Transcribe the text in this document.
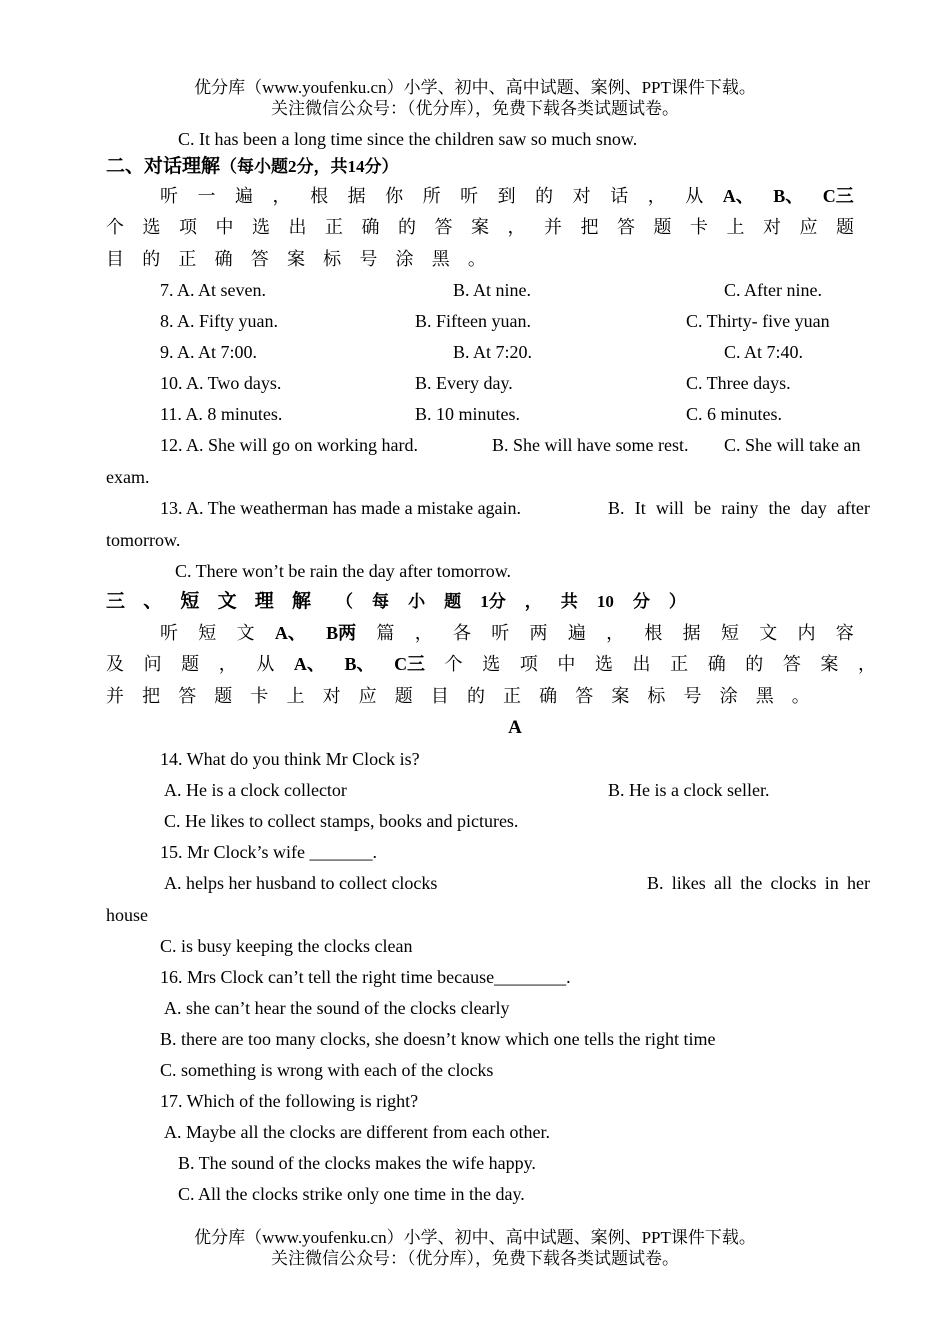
优分库（www.youfenku.cn）小学、初中、高中试题、案例、PPT课件下载。
关注微信公众号：（优分库），免费下载各类试题试卷。
C. It has been a long time since the children saw so much snow.
二、对话理解（每小题2分，共14分）
听 一 遍 ， 根 据 你 所 听 到 的 对 话 ， 从 A、 B、 C三
个 选 项 中 选 出 正 确 的 答 案 ， 并 把 答 题 卡 上 对 应 题
目 的 正 确 答 案 标 号 涂 黑 。
7. A. At seven.	B. At nine.	C. After nine.
8. A. Fifty yuan.	B. Fifteen yuan.	C. Thirty- five yuan
9. A. At 7:00.	B. At 7:20.	C. At 7:40.
10. A. Two days.	B. Every day.	C. Three days.
11. A. 8 minutes.	B. 10 minutes.	C. 6 minutes.
12. A. She will go on working hard.	B. She will have some rest. C. She will take an
exam.
13. A. The weatherman has made a mistake again.	B. It will be rainy the day after
tomorrow.
C. There won’t be rain the day after tomorrow.
三 、 短 文 理 解 （ 每 小 题 1分 ， 共 10 分 ）
听 短 文 A、 B两 篇 ， 各 听 两 遍 ， 根 据 短 文 内 容
及 问 题 ， 从 A、 B、 C三 个 选 项 中 选 出 正 确 的 答 案 ，
并 把 答 题 卡 上 对 应 题 目 的 正 确 答 案 标 号 涂 黑 。
A
14. What do you think Mr Clock is?
A. He is a clock collector	B. He is a clock seller.
C. He likes to collect stamps, books and pictures.
15. Mr Clock’s wife _______.
A. helps her husband to collect clocks	B. likes all the clocks in her
house
C. is busy keeping the clocks clean
16. Mrs Clock can’t tell the right time because________.
A. she can’t hear the sound of the clocks clearly
B. there are too many clocks, she doesn’t know which one tells the right time
C. something is wrong with each of the clocks
17. Which of the following is right?
A. Maybe all the clocks are different from each other.
B. The sound of the clocks makes the wife happy.
C. All the clocks strike only one time in the day.
优分库（www.youfenku.cn）小学、初中、高中试题、案例、PPT课件下载。
关注微信公众号：（优分库），免费下载各类试题试卷。
